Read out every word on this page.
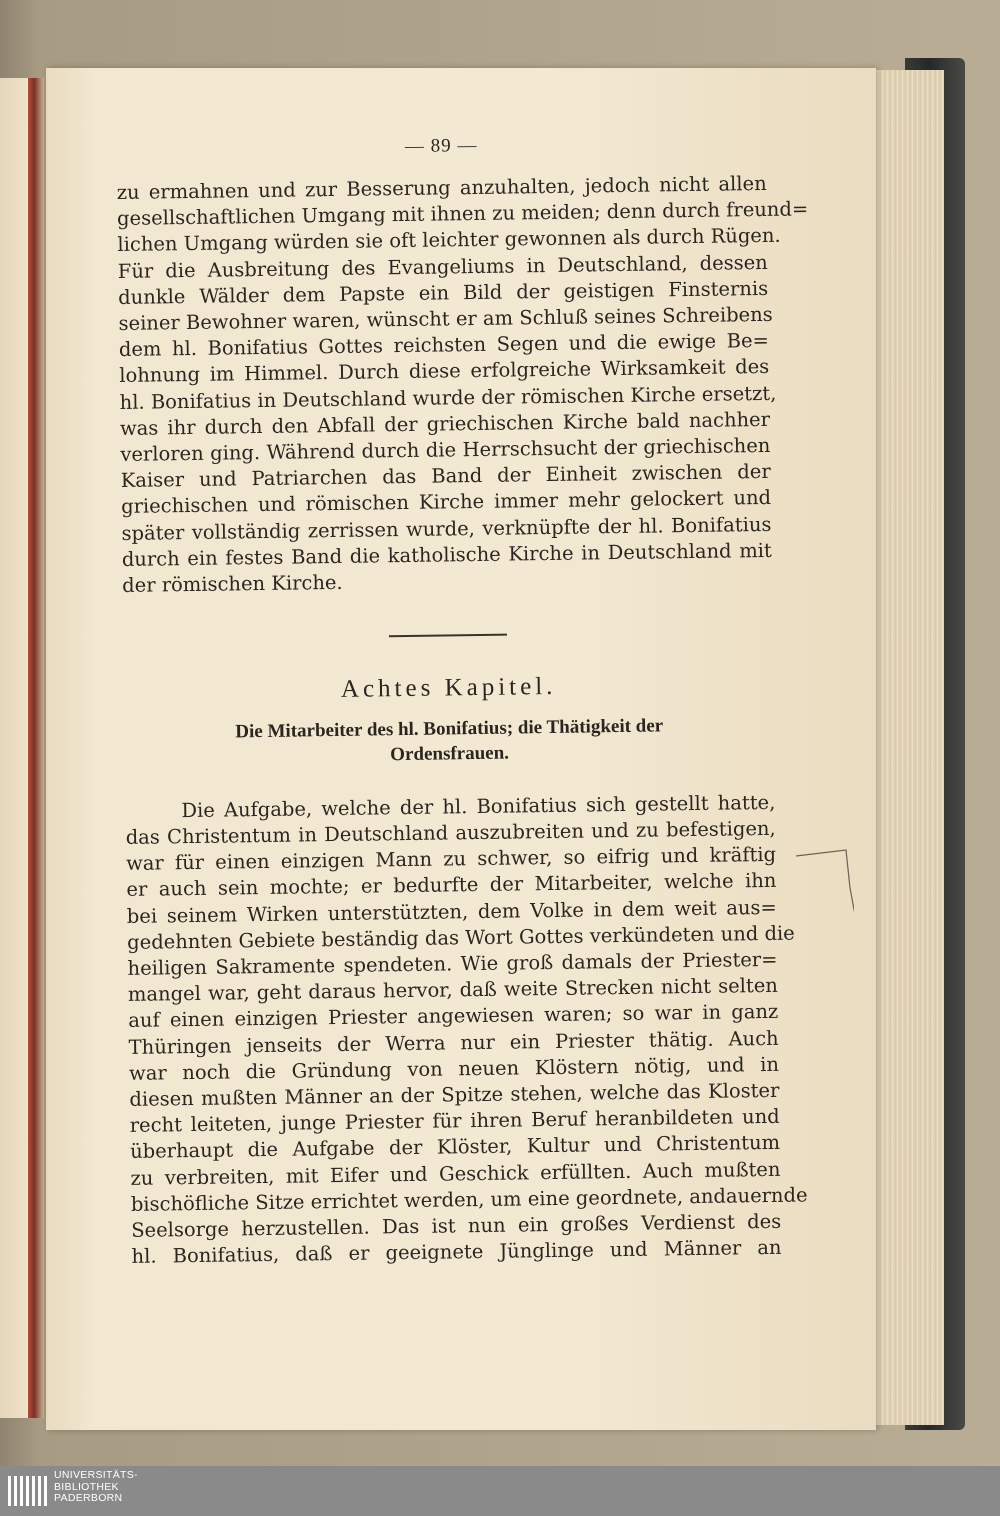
— 89 —

zu ermahnen und zur Besserung anzuhalten, jedoch nicht allen
gesellschaftlichen Umgang mit ihnen zu meiden; denn durch freund=
lichen Umgang würden sie oft leichter gewonnen als durch Rügen.
Für die Ausbreitung des Evangeliums in Deutschland, dessen
dunkle Wälder dem Papste ein Bild der geistigen Finsternis
seiner Bewohner waren, wünscht er am Schluß seines Schreibens
dem hl. Bonifatius Gottes reichsten Segen und die ewige Be=
lohnung im Himmel. Durch diese erfolgreiche Wirksamkeit des
hl. Bonifatius in Deutschland wurde der römischen Kirche ersetzt,
was ihr durch den Abfall der griechischen Kirche bald nachher
verloren ging. Während durch die Herrschsucht der griechischen
Kaiser und Patriarchen das Band der Einheit zwischen der
griechischen und römischen Kirche immer mehr gelockert und
später vollständig zerrissen wurde, verknüpfte der hl. Bonifatius
durch ein festes Band die katholische Kirche in Deutschland mit
der römischen Kirche.

Achtes Kapitel.
Die Mitarbeiter des hl. Bonifatius; die Thätigkeit der
Ordensfrauen.

Die Aufgabe, welche der hl. Bonifatius sich gestellt hatte,
das Christentum in Deutschland auszubreiten und zu befestigen,
war für einen einzigen Mann zu schwer, so eifrig und kräftig
er auch sein mochte; er bedurfte der Mitarbeiter, welche ihn
bei seinem Wirken unterstützten, dem Volke in dem weit aus=
gedehnten Gebiete beständig das Wort Gottes verkündeten und die
heiligen Sakramente spendeten. Wie groß damals der Priester=
mangel war, geht daraus hervor, daß weite Strecken nicht selten
auf einen einzigen Priester angewiesen waren; so war in ganz
Thüringen jenseits der Werra nur ein Priester thätig. Auch
war noch die Gründung von neuen Klöstern nötig, und in
diesen mußten Männer an der Spitze stehen, welche das Kloster
recht leiteten, junge Priester für ihren Beruf heranbildeten und
überhaupt die Aufgabe der Klöster, Kultur und Christentum
zu verbreiten, mit Eifer und Geschick erfüllten. Auch mußten
bischöfliche Sitze errichtet werden, um eine geordnete, andauernde
Seelsorge herzustellen. Das ist nun ein großes Verdienst des
hl. Bonifatius, daß er geeignete Jünglinge und Männer an

UNIVERSITÄTS-
BIBLIOTHEK
PADERBORN
